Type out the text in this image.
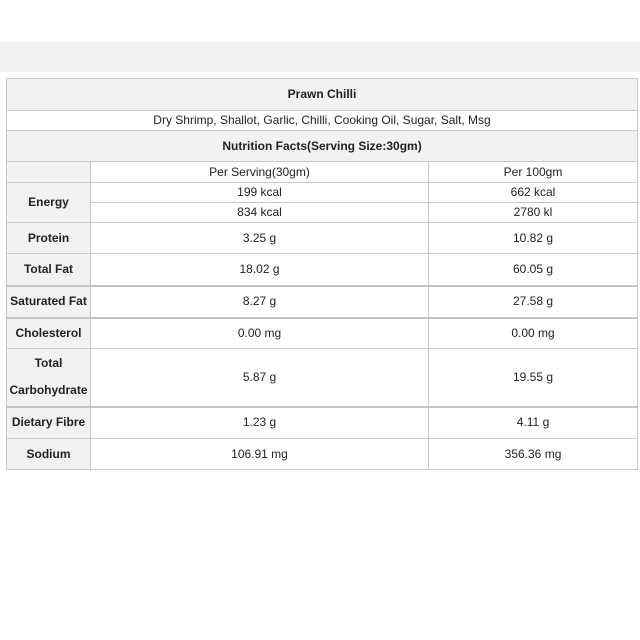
Prawn Chilli		
Dry Shrimp, Shallot, Garlic, Chilli, Cooking Oil, Sugar, Salt, Msg		
Nutrition Facts(Serving Size:30gm)		
	Per Serving(30gm)	Per 100gm
Energy	199 kcal	662 kcal
	834 kcal	2780 kl
Protein	3.25 g	10.82 g
Total Fat	18.02 g	60.05 g
Saturated Fat	8.27 g	27.58 g
Cholesterol	0.00 mg	0.00 mg
Total
Carbohydrate	5.87 g	19.55 g
Dietary Fibre	1.23 g	4.11 g
Sodium	106.91 mg	356.36 mg
